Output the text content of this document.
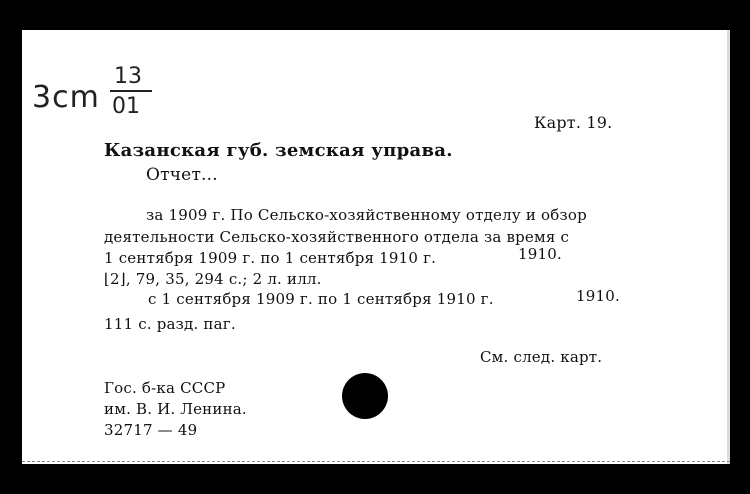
3cm
13
01
Карт. 19.
Казанская губ. земская управа.
Отчет...
за 1909 г. По Сельско-хозяйственному отделу и обзор
деятельности Сельско-хозяйственного отдела за время с
1 сентября 1909 г. по 1 сентября 1910 г.	1910.
⌊2⌋, 79, 35, 294 с.; 2 л. илл.
с 1 сентября 1909 г. по 1 сентября 1910 г.	1910.
111 с. разд. паг.
См. след. карт.
Гос. б-ка СССР
им. В. И. Ленина.
32717 — 49
